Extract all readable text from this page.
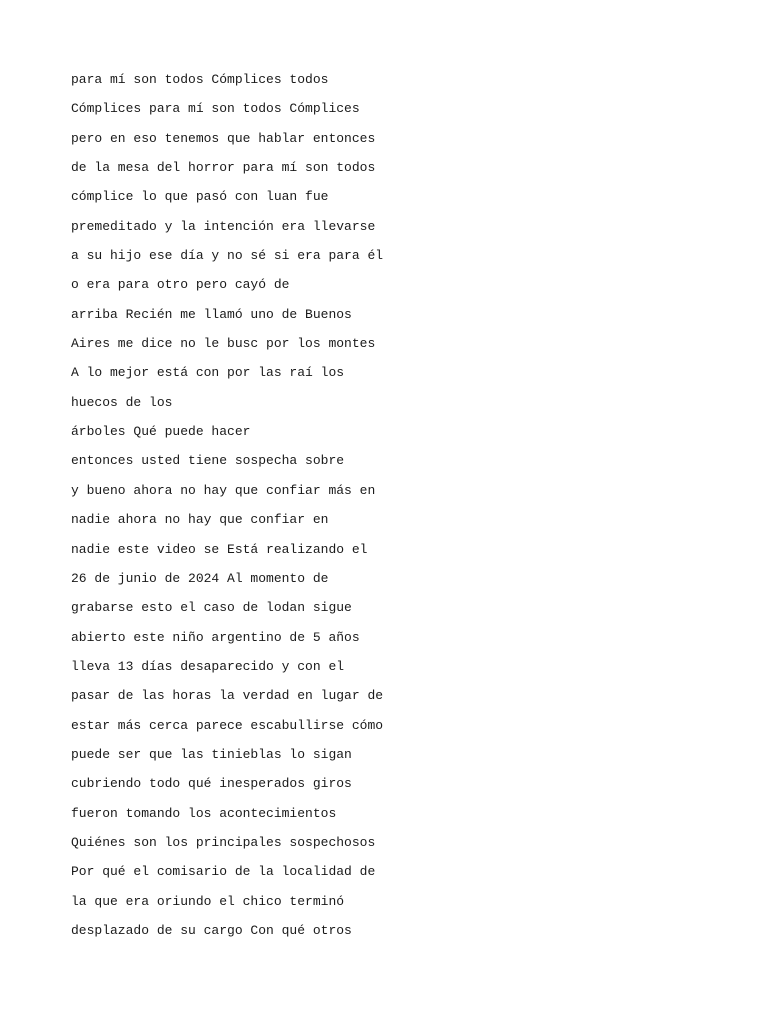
para mí son todos Cómplices todos

Cómplices para mí son todos Cómplices

pero en eso tenemos que hablar entonces

de la mesa del horror para mí son todos

cómplice lo que pasó con luan fue

premeditado y la intención era llevarse

a su hijo ese día y no sé si era para él

o era para otro pero cayó de

arriba Recién me llamó uno de Buenos

Aires me dice no le busc por los montes

A lo mejor está con por las raí los

huecos de los

árboles Qué puede hacer

entonces usted tiene sospecha sobre

y bueno ahora no hay que confiar más en

nadie ahora no hay que confiar en

nadie este video se Está realizando el

26 de junio de 2024 Al momento de

grabarse esto el caso de lodan sigue

abierto este niño argentino de 5 años

lleva 13 días desaparecido y con el

pasar de las horas la verdad en lugar de

estar más cerca parece escabullirse cómo

puede ser que las tinieblas lo sigan

cubriendo todo qué inesperados giros

fueron tomando los acontecimientos

Quiénes son los principales sospechosos

Por qué el comisario de la localidad de

la que era oriundo el chico terminó

desplazado de su cargo Con qué otros
